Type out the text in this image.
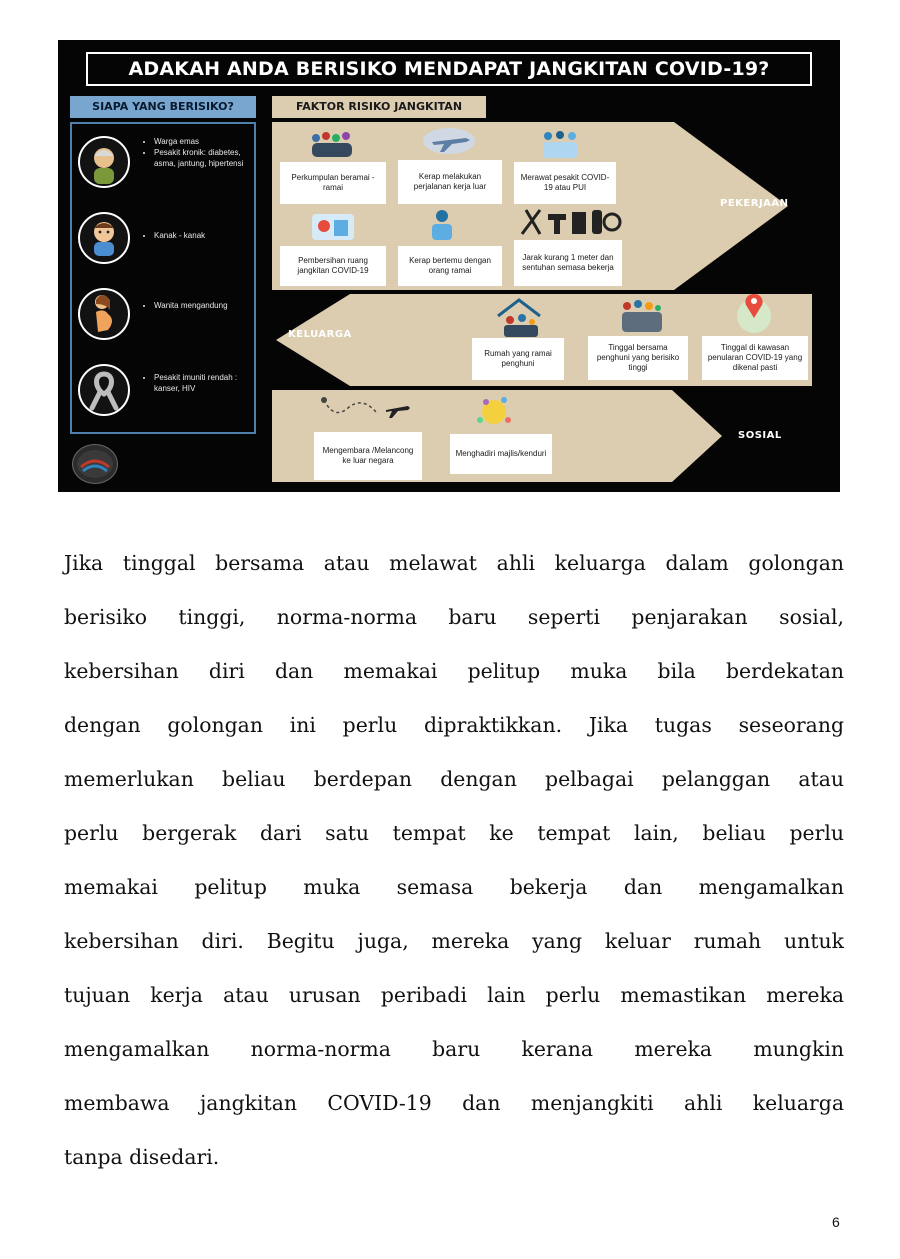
ADAKAH ANDA BERISIKO MENDAPAT JANGKITAN COVID-19?
SIAPA YANG BERISIKO?	FAKTOR RISIKO JANGKITAN
• Warga emas
• Pesakit kronik: diabetes, asma, jantung, hipertensi
• Kanak - kanak
• Wanita mengandung
• Pesakit imuniti rendah : kanser, HIV
Perkumpulan beramai - ramai
Kerap melakukan perjalanan kerja luar
Merawat pesakit COVID-19 atau PUI
Pembersihan ruang jangkitan COVID-19
Kerap bertemu dengan orang ramai
Jarak kurang 1 meter dan sentuhan semasa bekerja
PEKERJAAN
KELUARGA
Rumah yang ramai penghuni
Tinggal bersama penghuni yang berisiko tinggi
Tinggal di kawasan penularan COVID-19 yang dikenal pasti
Mengembara /Melancong ke luar negara
Menghadiri majlis/kenduri
SOSIAL
Jika tinggal bersama atau melawat ahli keluarga dalam golongan
berisiko tinggi, norma-norma baru seperti penjarakan sosial,
kebersihan diri dan memakai pelitup muka bila berdekatan
dengan golongan ini perlu dipraktikkan. Jika tugas seseorang
memerlukan beliau berdepan dengan pelbagai pelanggan atau
perlu bergerak dari satu tempat ke tempat lain, beliau perlu
memakai pelitup muka semasa bekerja dan mengamalkan
kebersihan diri. Begitu juga, mereka yang keluar rumah untuk
tujuan kerja atau urusan peribadi lain perlu memastikan mereka
mengamalkan norma-norma baru kerana mereka mungkin
membawa jangkitan COVID-19 dan menjangkiti ahli keluarga
tanpa disedari.
6
